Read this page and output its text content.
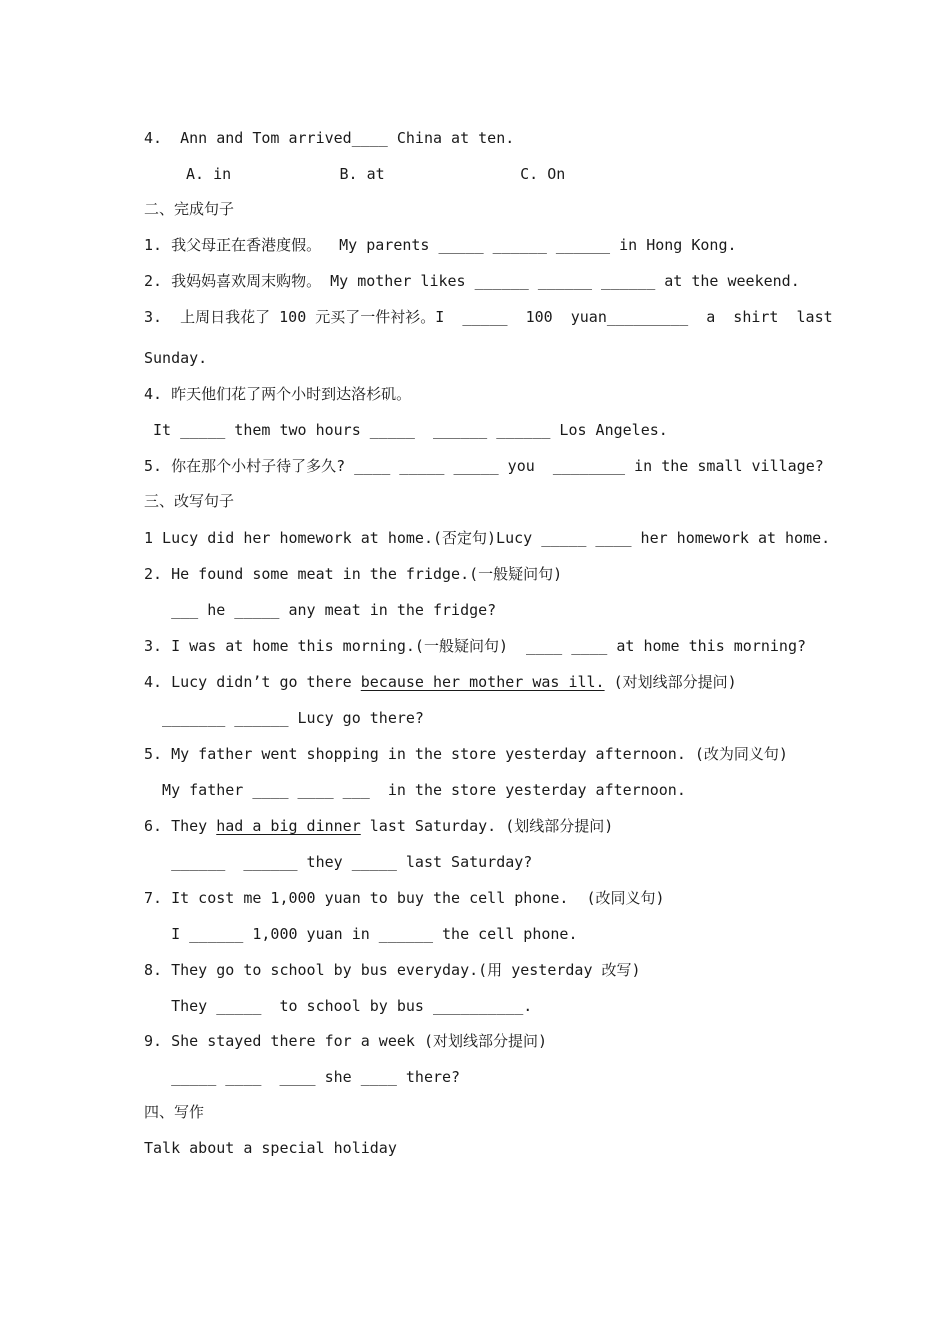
4.  Ann and Tom arrived____ China at ten.
A. in            B. at               C. On
二、完成句子
1. 我父母正在香港度假。  My parents _____ ______ ______ in Hong Kong.
2. 我妈妈喜欢周末购物。 My mother likes ______ ______ ______ at the weekend.
3.  上周日我花了 100 元买了一件衬衫。I  _____  100  yuan_________  a  shirt  last
Sunday.
4. 昨天他们花了两个小时到达洛杉矶。
It _____ them two hours _____  ______ ______ Los Angeles.
5. 你在那个小村子待了多久? ____ _____ _____ you  ________ in the small village?
三、改写句子
1 Lucy did her homework at home.(否定句)Lucy _____ ____ her homework at home.
2. He found some meat in the fridge.(一般疑问句)
___ he _____ any meat in the fridge?
3. I was at home this morning.(一般疑问句)  ____ ____ at home this morning?
4. Lucy didn’t go there because her mother was ill. (对划线部分提问)
_______ ______ Lucy go there?
5. My father went shopping in the store yesterday afternoon. (改为同义句)
My father ____ ____ ___  in the store yesterday afternoon.
6. They had a big dinner last Saturday. (划线部分提问)
______  ______ they _____ last Saturday?
7. It cost me 1,000 yuan to buy the cell phone.  (改同义句)
I ______ 1,000 yuan in ______ the cell phone.
8. They go to school by bus everyday.(用 yesterday 改写)
They _____  to school by bus __________.
9. She stayed there for a week (对划线部分提问)
_____ ____  ____ she ____ there?
四、写作
Talk about a special holiday
